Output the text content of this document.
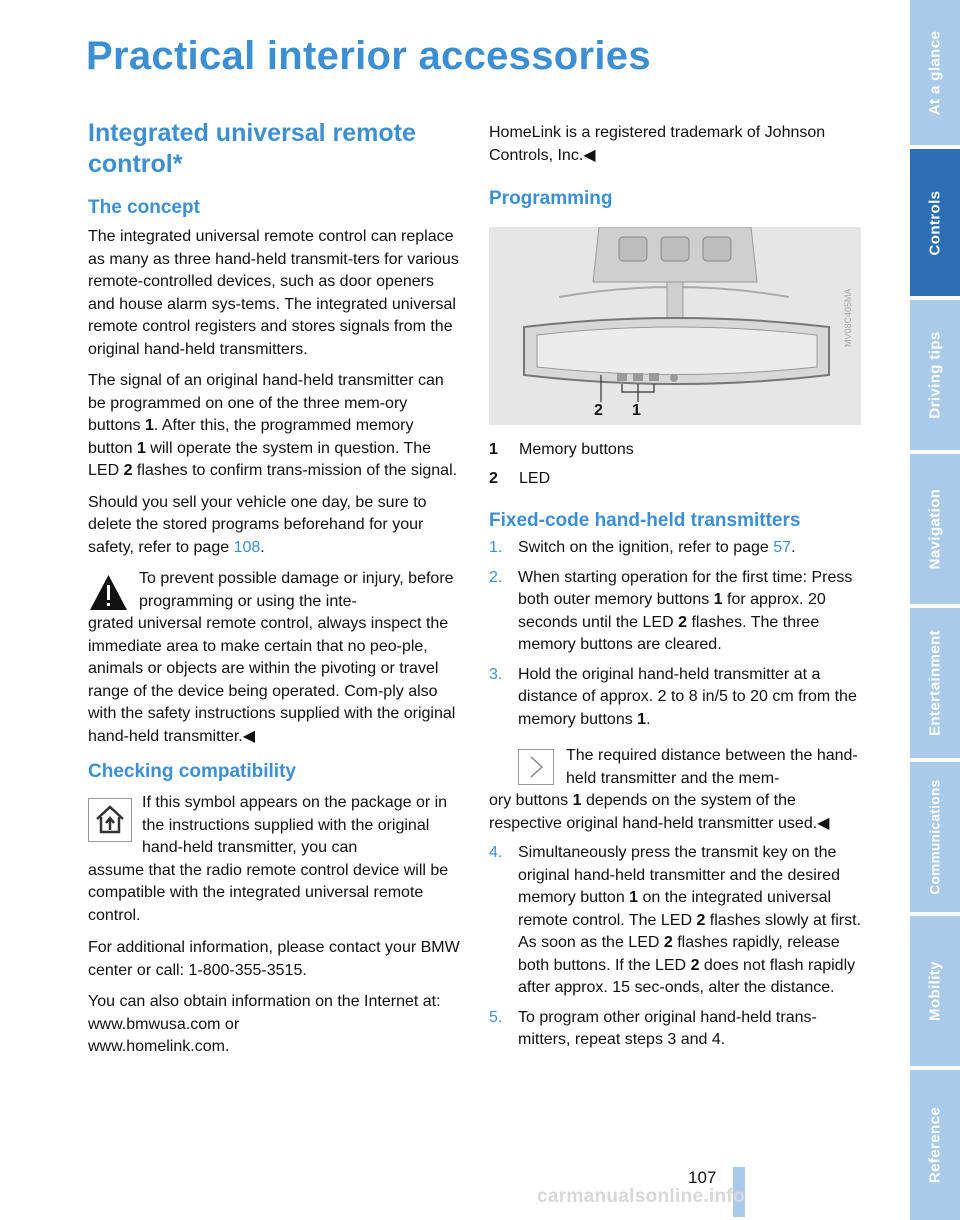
Practical interior accessories
Integrated universal remote control*
The concept

The integrated universal remote control can replace as many as three hand-held transmit-ters for various remote-controlled devices, such as door openers and house alarm sys-tems. The integrated universal remote control registers and stores signals from the original hand-held transmitters.

The signal of an original hand-held transmitter can be programmed on one of the three mem-ory buttons 1. After this, the programmed memory button 1 will operate the system in question. The LED 2 flashes to confirm trans-mission of the signal.

Should you sell your vehicle one day, be sure to delete the stored programs beforehand for your safety, refer to page 108.

To prevent possible damage or injury, before programming or using the inte-
grated universal remote control, always inspect the immediate area to make certain that no peo-ple, animals or objects are within the pivoting or travel range of the device being operated. Com-ply also with the safety instructions supplied with the original hand-held transmitter.◀
Checking compatibility
If this symbol appears on the package or in the instructions supplied with the original hand-held transmitter, you can
assume that the radio remote control device will be compatible with the integrated universal remote control.

For additional information, please contact your BMW center or call: 1-800-355-3515.

You can also obtain information on the Internet at:

www.bmwusa.com or

www.homelink.com.

HomeLink is a registered trademark of Johnson Controls, Inc.◀

Programming
MV08C405MA
2 1
1 Memory buttons
2 LED
Fixed-code hand-held transmitters
1. Switch on the ignition, refer to page 57.
2. When starting operation for the first time: Press both outer memory buttons 1 for approx. 20 seconds until the LED 2 flashes. The three memory buttons are cleared.
3. Hold the original hand-held transmitter at a distance of approx. 2 to 8 in/5 to 20 cm from the memory buttons 1.
The required distance between the hand-held transmitter and the mem-
ory buttons 1 depends on the system of the respective original hand-held transmitter used.◀
4. Simultaneously press the transmit key on the original hand-held transmitter and the desired memory button 1 on the integrated universal remote control. The LED 2 flashes slowly at first. As soon as the LED 2 flashes rapidly, release both buttons. If the LED 2 does not flash rapidly after approx. 15 sec-onds, alter the distance.
5. To program other original hand-held trans-mitters, repeat steps 3 and 4.
At a glance
Controls
Driving tips
Navigation
Entertainment
Communications
Mobility
Reference
107
carmanualsonline.info
